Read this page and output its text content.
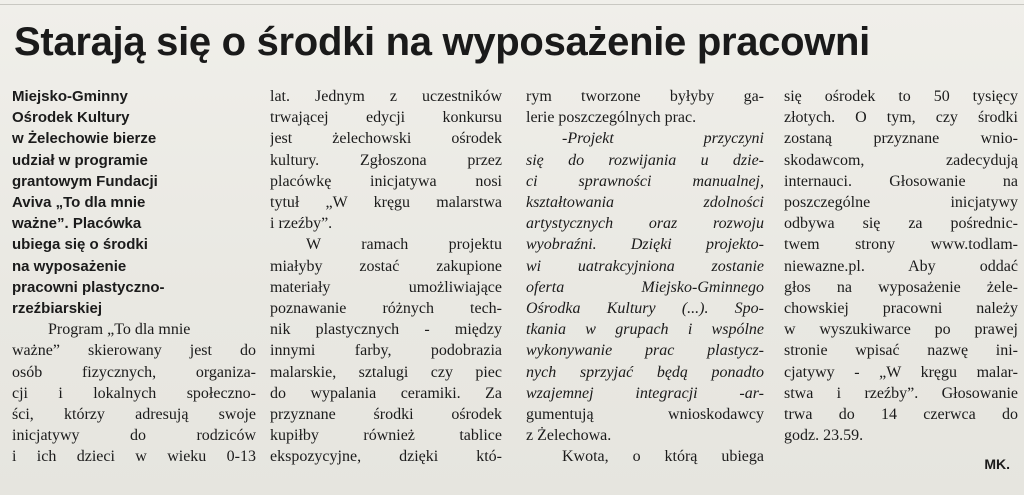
Starają się o środki na wyposażenie pracowni
Miejsko-Gminny
Ośrodek Kultury
w Żelechowie bierze
udział w programie
grantowym Fundacji
Aviva „To dla mnie
ważne”. Placówka
ubiega się o środki
na wyposażenie
pracowni plastyczno-
rzeźbiarskiej

Program „To dla mnie
ważne” skierowany jest do
osób fizycznych, organiza-
cji i lokalnych społeczno-
ści, którzy adresują swoje
inicjatywy do rodziców
i ich dzieci w wieku 0-13

lat. Jednym z uczestników
trwającej edycji konkursu
jest żelechowski ośrodek
kultury. Zgłoszona przez
placówkę inicjatywa nosi
tytuł „W kręgu malarstwa
i rzeźby”.
W ramach projektu
miałyby zostać zakupione
materiały umożliwiające
poznawanie różnych tech-
nik plastycznych - między
innymi farby, podobrazia
malarskie, sztalugi czy piec
do wypalania ceramiki. Za
przyznane środki ośrodek
kupiłby również tablice
ekspozycyjne, dzięki któ-
rym tworzone byłyby ga-
lerie poszczególnych prac.
-Projekt przyczyni
się do rozwijania u dzie-
ci sprawności manualnej,
kształtowania zdolności
artystycznych oraz rozwoju
wyobraźni. Dzięki projekto-
wi uatrakcyjniona zostanie
oferta Miejsko-Gminnego
Ośrodka Kultury (...). Spo-
tkania w grupach i wspólne
wykonywanie prac plastycz-
nych sprzyjać będą ponadto
wzajemnej integracji -ar-
gumentują wnioskodawcy
z Żelechowa.
Kwota, o którą ubiega
się ośrodek to 50 tysięcy
złotych. O tym, czy środki
zostaną przyznane wnio-
skodawcom, zadecydują
internauci. Głosowanie na
poszczególne inicjatywy
odbywa się za pośrednic-
twem strony www.todlam-
niewazne.pl. Aby oddać
głos na wyposażenie żele-
chowskiej pracowni należy
w wyszukiwarce po prawej
stronie wpisać nazwę ini-
cjatywy - „W kręgu malar-
stwa i rzeźby”. Głosowanie
trwa do 14 czerwca do
godz. 23.59.
MK.
